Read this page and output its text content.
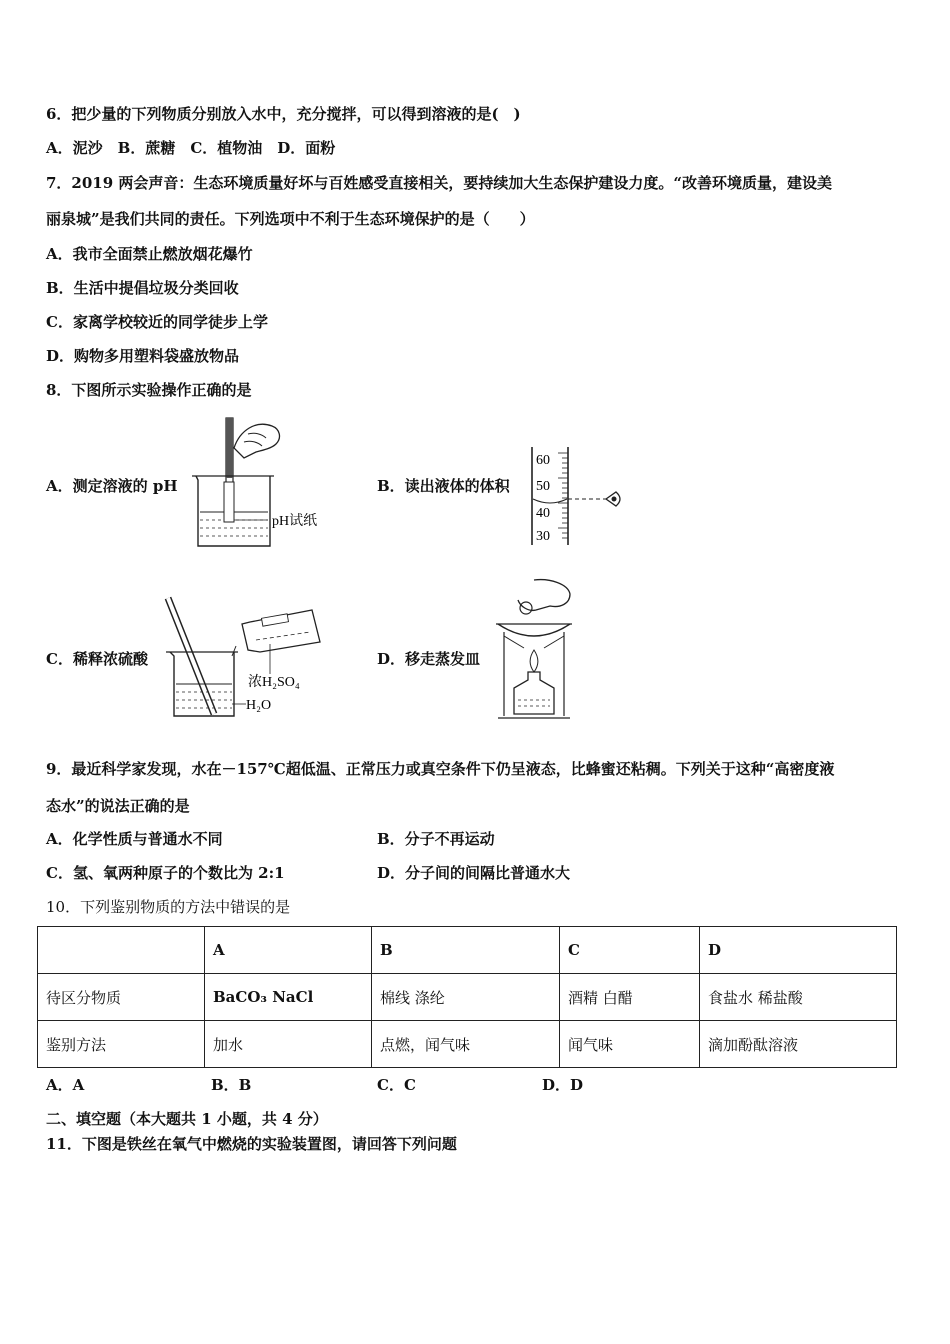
6．把少量的下列物质分别放入水中，充分搅拌，可以得到溶液的是(　)
A．泥沙　B．蔗糖　C．植物油　D．面粉
7．2019 两会声音：生态环境质量好坏与百姓感受直接相关，要持续加大生态保护建设力度。“改善环境质量，建设美
丽泉城”是我们共同的责任。下列选项中不利于生态环境保护的是（　　）
A．我市全面禁止燃放烟花爆竹
B．生活中提倡垃圾分类回收
C．家离学校较近的同学徒步上学
D．购物多用塑料袋盛放物品
8．下图所示实验操作正确的是
A．测定溶液的 pH	B．读出液体的体积
C．稀释浓硫酸	D．移走蒸发皿
pH试纸
60
50
40
30
浓H₂SO₄
H₂O
9．最近科学家发现，水在－157℃超低温、正常压力或真空条件下仍呈液态，比蜂蜜还粘稠。下列关于这种“高密度液
态水”的说法正确的是
A．化学性质与普通水不同	B．分子不再运动
C．氢、氧两种原子的个数比为 2:1	D．分子间的间隔比普通水大
10．下列鉴别物质的方法中错误的是
	A	B	C	D
待区分物质	BaCO₃ NaCl	棉线 涤纶	酒精 白醋	食盐水 稀盐酸
鉴别方法	加水	点燃，闻气味	闻气味	滴加酚酞溶液
A．A	B．B	C．C	D．D
二、填空题（本大题共 1 小题，共 4 分）
11．下图是铁丝在氧气中燃烧的实验装置图，请回答下列问题
